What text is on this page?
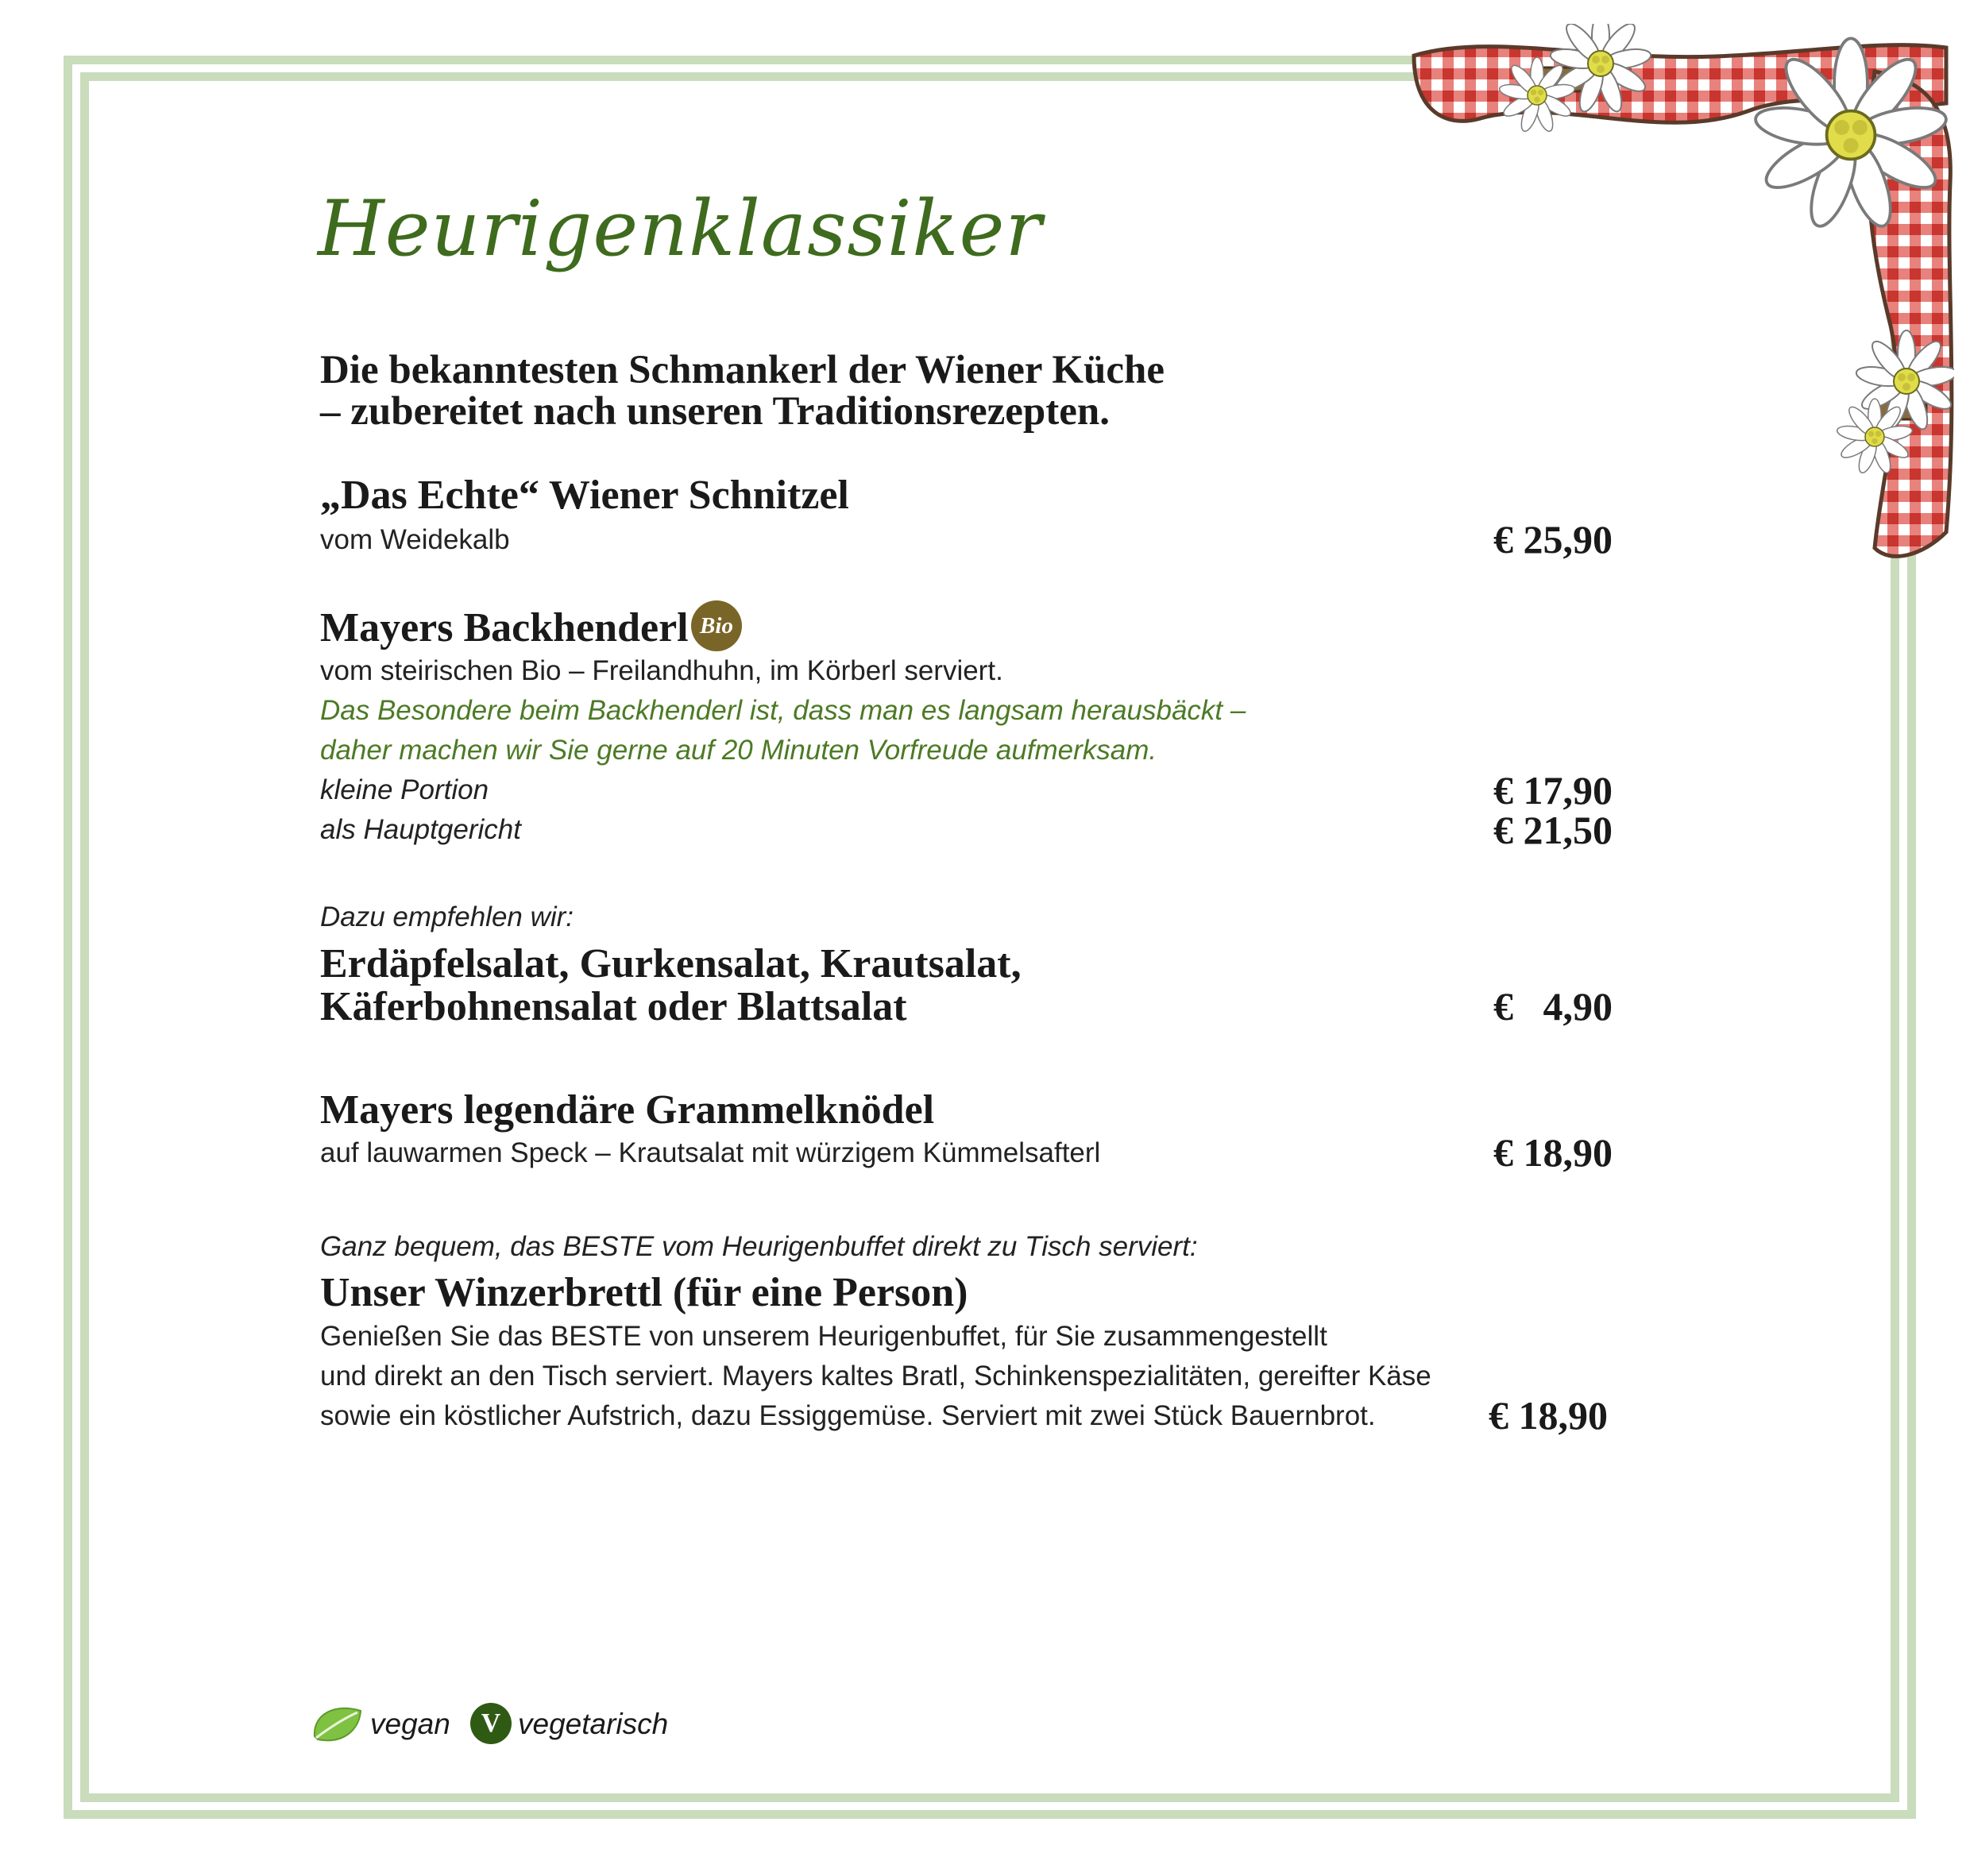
Heurigenklassiker
Die bekanntesten Schmankerl der Wiener Küche
– zubereitet nach unseren Traditionsrezepten.
„Das Echte“ Wiener Schnitzel
vom Weidekalb	€ 25,90
Mayers Backhenderl Bio
vom steirischen Bio – Freilandhuhn, im Körberl serviert.
Das Besondere beim Backhenderl ist, dass man es langsam herausbäckt –
daher machen wir Sie gerne auf 20 Minuten Vorfreude aufmerksam.
kleine Portion	€ 17,90
als Hauptgericht	€ 21,50
Dazu empfehlen wir:
Erdäpfelsalat, Gurkensalat, Krautsalat,
Käferbohnensalat oder Blattsalat	€   4,90
Mayers legendäre Grammelknödel
auf lauwarmen Speck – Krautsalat mit würzigem Kümmelsafterl	€ 18,90
Ganz bequem, das BESTE vom Heurigenbuffet direkt zu Tisch serviert:
Unser Winzerbrettl (für eine Person)
Genießen Sie das BESTE von unserem Heurigenbuffet, für Sie zusammengestellt
und direkt an den Tisch serviert. Mayers kaltes Bratl, Schinkenspezialitäten, gereifter Käse
sowie ein köstlicher Aufstrich, dazu Essiggemüse. Serviert mit zwei Stück Bauernbrot.	€ 18,90
vegan	V vegetarisch
